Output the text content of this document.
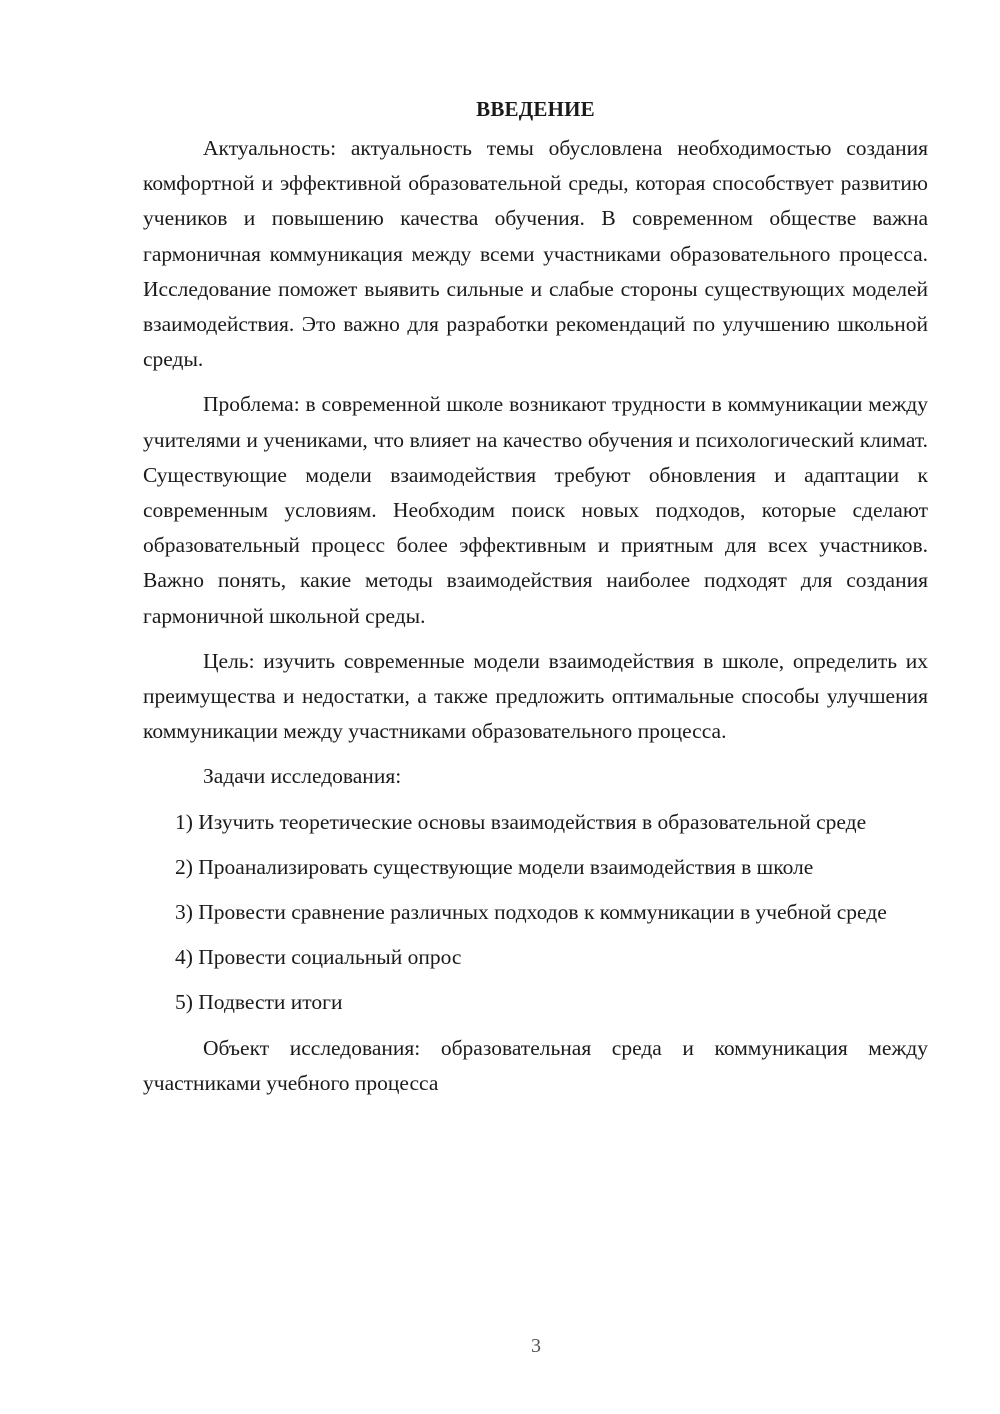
ВВЕДЕНИЕ

Актуальность: актуальность темы обусловлена необходимостью создания комфортной и эффективной образовательной среды, которая способствует развитию учеников и повышению качества обучения. В современном обществе важна гармоничная коммуникация между всеми участниками образовательного процесса. Исследование поможет выявить сильные и слабые стороны существующих моделей взаимодействия. Это важно для разработки рекомендаций по улучшению школьной среды.

Проблема: в современной школе возникают трудности в коммуникации между учителями и учениками, что влияет на качество обучения и психологический климат. Существующие модели взаимодействия требуют обновления и адаптации к современным условиям. Необходим поиск новых подходов, которые сделают образовательный процесс более эффективным и приятным для всех участников. Важно понять, какие методы взаимодействия наиболее подходят для создания гармоничной школьной среды.

Цель: изучить современные модели взаимодействия в школе, определить их преимущества и недостатки, а также предложить оптимальные способы улучшения коммуникации между участниками образовательного процесса.

Задачи исследования:

1) Изучить теоретические основы взаимодействия в образовательной среде

2) Проанализировать существующие модели взаимодействия в школе

3) Провести сравнение различных подходов к коммуникации в учебной среде

4) Провести социальный опрос

5) Подвести итоги

Объект исследования: образовательная среда и коммуникация между участниками учебного процесса

3
